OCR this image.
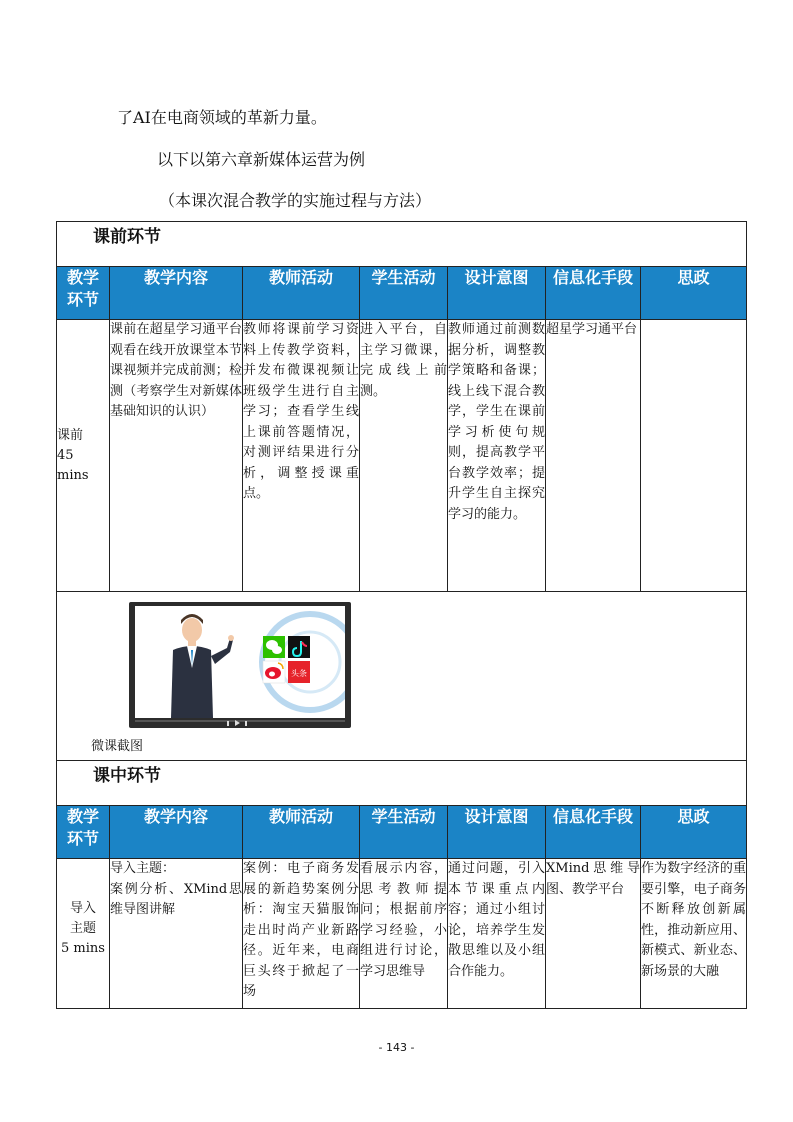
了AI在电商领域的革新力量。
以下以第六章新媒体运营为例
（本课次混合教学的实施过程与方法）
课前环节						
教学
环节	教学内容	教师活动	学生活动	设计意图	信息化手段	思政
课前
45
mins	课前在超星学习通平台观看在线开放课堂本节课视频并完成前测；检测（考察学生对新媒体基础知识的认识）	教师将课前学习资料上传教学资料，并发布微课视频让班级学生进行自主学习；查看学生线上课前答题情况，对测评结果进行分析，调整授课重点。	进入平台，自主学习微课，完成线上前测。	教师通过前测数据分析，调整教学策略和备课；线上线下混合教学，学生在课前学习析使句规则，提高教学平台教学效率；提升学生自主探究学习的能力。	超星学习通平台	

头条
微课截图						

课中环节						
教学
环节	教学内容	教师活动	学生活动	设计意图	信息化手段	思政
导入
主题
5 mins	导入主题：
案例分析、XMind思维导图讲解	案例：电子商务发展的新趋势案例分析：淘宝天猫服饰走出时尚产业新路径。近年来，电商巨头终于掀起了一场	看展示内容，思考教师提问；根据前序学习经验，小组进行讨论，学习思维导	通过问题，引入本节课重点内容；通过小组讨论，培养学生发散思维以及小组合作能力。	XMind思维导图、教学平台	作为数字经济的重要引擎，电子商务不断释放创新属性，推动新应用、新模式、新业态、新场景的大融
- 143 -
